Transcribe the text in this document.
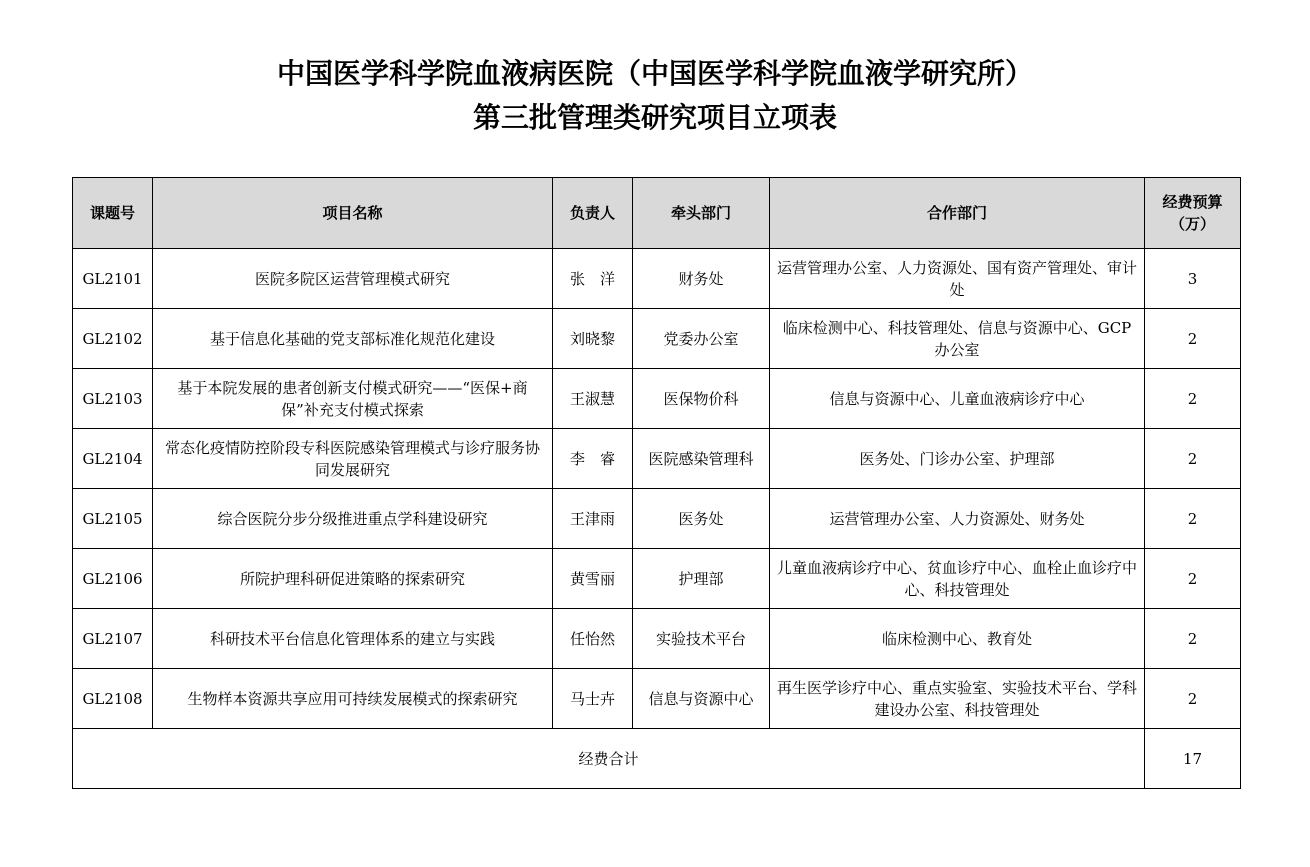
中国医学科学院血液病医院（中国医学科学院血液学研究所）
第三批管理类研究项目立项表
课题号	项目名称	负责人	牵头部门	合作部门	经费预算（万）
GL2101	医院多院区运营管理模式研究	张　洋	财务处	运营管理办公室、人力资源处、国有资产管理处、审计处	3
GL2102	基于信息化基础的党支部标准化规范化建设	刘晓黎	党委办公室	临床检测中心、科技管理处、信息与资源中心、GCP 办公室	2
GL2103	基于本院发展的患者创新支付模式研究——“医保+商保”补充支付模式探索	王淑慧	医保物价科	信息与资源中心、儿童血液病诊疗中心	2
GL2104	常态化疫情防控阶段专科医院感染管理模式与诊疗服务协同发展研究	李　睿	医院感染管理科	医务处、门诊办公室、护理部	2
GL2105	综合医院分步分级推进重点学科建设研究	王津雨	医务处	运营管理办公室、人力资源处、财务处	2
GL2106	所院护理科研促进策略的探索研究	黄雪丽	护理部	儿童血液病诊疗中心、贫血诊疗中心、血栓止血诊疗中心、科技管理处	2
GL2107	科研技术平台信息化管理体系的建立与实践	任怡然	实验技术平台	临床检测中心、教育处	2
GL2108	生物样本资源共享应用可持续发展模式的探索研究	马士卉	信息与资源中心	再生医学诊疗中心、重点实验室、实验技术平台、学科建设办公室、科技管理处	2
经费合计					17
